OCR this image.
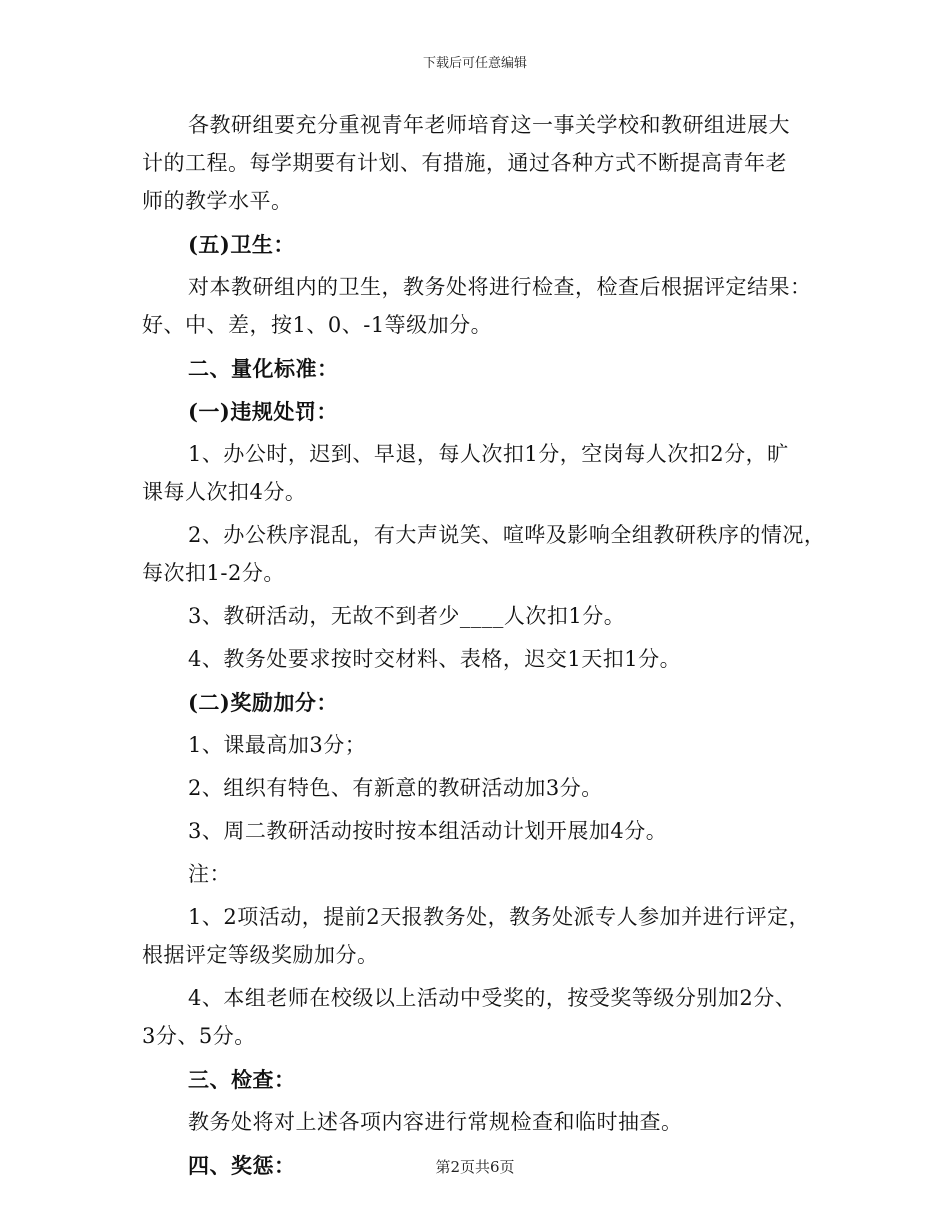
下载后可任意编辑
各教研组要充分重视青年老师培育这一事关学校和教研组进展大
计的工程。每学期要有计划、有措施，通过各种方式不断提高青年老
师的教学水平。
(五)卫生：
对本教研组内的卫生，教务处将进行检查，检查后根据评定结果：
好、中、差，按1、0、-1等级加分。
二、量化标准：
(一)违规处罚：
1、办公时，迟到、早退，每人次扣1分，空岗每人次扣2分，旷
课每人次扣4分。
2、办公秩序混乱，有大声说笑、喧哗及影响全组教研秩序的情况，
每次扣1-2分。
3、教研活动，无故不到者少____人次扣1分。
4、教务处要求按时交材料、表格，迟交1天扣1分。
(二)奖励加分：
1、课最高加3分；
2、组织有特色、有新意的教研活动加3分。
3、周二教研活动按时按本组活动计划开展加4分。
注：
1、2项活动，提前2天报教务处，教务处派专人参加并进行评定，
根据评定等级奖励加分。
4、本组老师在校级以上活动中受奖的，按受奖等级分别加2分、
3分、5分。
三、检查：
教务处将对上述各项内容进行常规检查和临时抽查。
四、奖惩：	第2页共6页
